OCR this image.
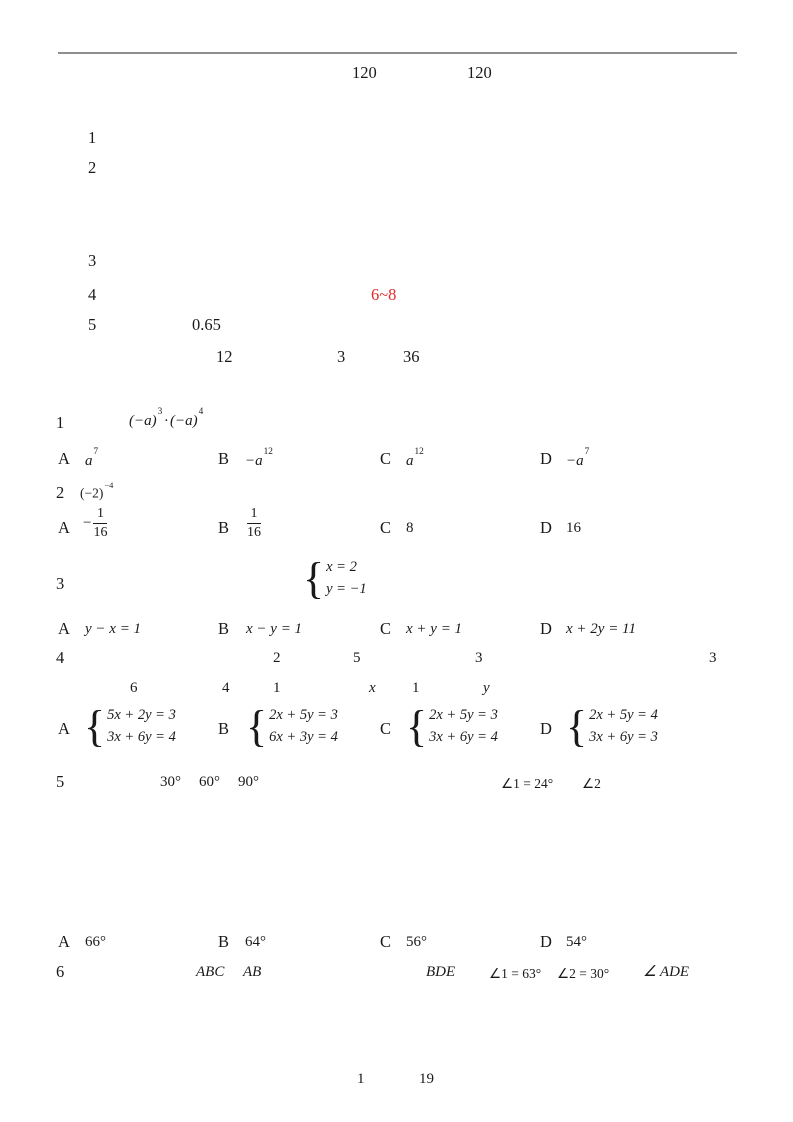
120	120
1
2
3
4	6~8
5	0.65
12	3	36
1	$(-a)^3\cdot (-a)^4$
A $a^7$	$B -a^{12}$	C $a^{12}$	$D -a^7$
2 $(-2)^{-4}$
$A - \frac{1}{16}$	B $\frac{1}{16}$	C 8	D 16
3	{ x = 2
y = −1
A y − x = 1	B x − y = 1	C x + y = 1	D x + 2y = 11
4	2	5	3	3
6	4	1	x 1	y
A { 5x + 2y = 3
3x + 6y = 4	B { 2x + 5y = 3
6x + 3y = 4	C { 2x + 5y = 3
3x + 6y = 4	D { 2x + 5y = 4
3x + 6y = 3
5	30° 60° 90°	∠1 = 24° ∠2
A 66°	B 64°	C 56°	D 54°
6	ABC AB	BDE	∠1 = 63° ∠2 = 30° ∠ ADE
1	19
